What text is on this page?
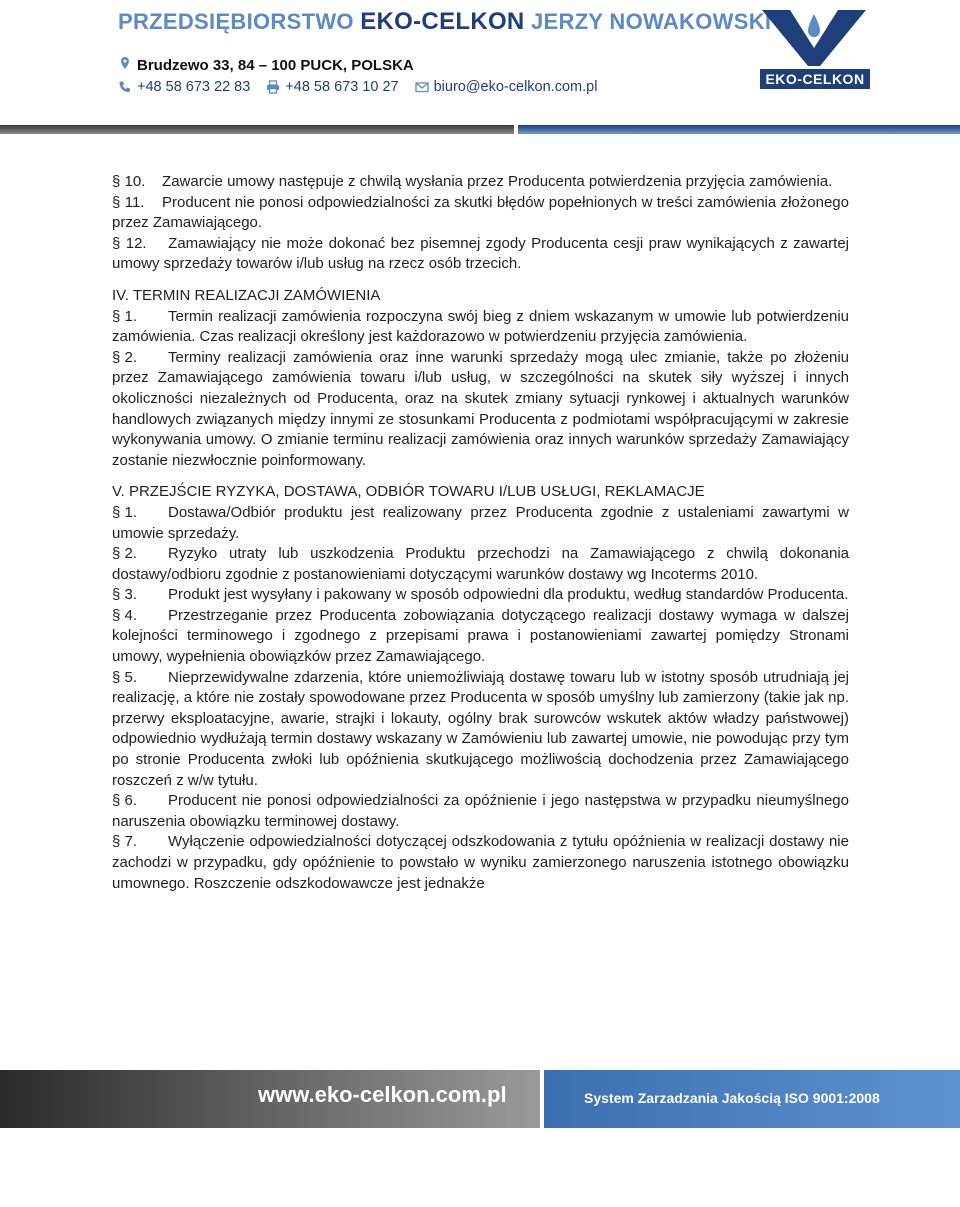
PRZEDSIĘBIORSTWO EKO-CELKON JERZY NOWAKOWSKI
Brudzewo 33, 84 – 100 PUCK, POLSKA
+48 58 673 22 83 +48 58 673 10 27 biuro@eko-celkon.com.pl	EKO-CELKON

§ 10. Zawarcie umowy następuje z chwilą wysłania przez Producenta potwierdzenia przyjęcia zamówienia.

§ 11. Producent nie ponosi odpowiedzialności za skutki błędów popełnionych w treści zamówienia złożonego przez Zamawiającego.

§ 12. Zamawiający nie może dokonać bez pisemnej zgody Producenta cesji praw wynikających z zawartej umowy sprzedaży towarów i/lub usług na rzecz osób trzecich.

IV. TERMIN REALIZACJI ZAMÓWIENIA

§ 1. Termin realizacji zamówienia rozpoczyna swój bieg z dniem wskazanym w umowie lub potwierdzeniu zamówienia. Czas realizacji określony jest każdorazowo w potwierdzeniu przyjęcia zamówienia.

§ 2. Terminy realizacji zamówienia oraz inne warunki sprzedaży mogą ulec zmianie, także po złożeniu przez Zamawiającego zamówienia towaru i/lub usług, w szczególności na skutek siły wyższej i innych okoliczności niezależnych od Producenta, oraz na skutek zmiany sytuacji rynkowej i aktualnych warunków handlowych związanych między innymi ze stosunkami Producenta z podmiotami współpracującymi w zakresie wykonywania umowy. O zmianie terminu realizacji zamówienia oraz innych warunków sprzedaży Zamawiający zostanie niezwłocznie poinformowany.

V. PRZEJŚCIE RYZYKA, DOSTAWA, ODBIÓR TOWARU I/LUB USŁUGI, REKLAMACJE

§ 1. Dostawa/Odbiór produktu jest realizowany przez Producenta zgodnie z ustaleniami zawartymi w umowie sprzedaży.

§ 2. Ryzyko utraty lub uszkodzenia Produktu przechodzi na Zamawiającego z chwilą dokonania dostawy/odbioru zgodnie z postanowieniami dotyczącymi warunków dostawy wg Incoterms 2010.

§ 3. Produkt jest wysyłany i pakowany w sposób odpowiedni dla produktu, według standardów Producenta.

§ 4. Przestrzeganie przez Producenta zobowiązania dotyczącego realizacji dostawy wymaga w dalszej kolejności terminowego i zgodnego z przepisami prawa i postanowieniami zawartej pomiędzy Stronami umowy, wypełnienia obowiązków przez Zamawiającego.

§ 5. Nieprzewidywalne zdarzenia, które uniemożliwiają dostawę towaru lub w istotny sposób utrudniają jej realizację, a które nie zostały spowodowane przez Producenta w sposób umyślny lub zamierzony (takie jak np. przerwy eksploatacyjne, awarie, strajki i lokauty, ogólny brak surowców wskutek aktów władzy państwowej) odpowiednio wydłużają termin dostawy wskazany w Zamówieniu lub zawartej umowie, nie powodując przy tym po stronie Producenta zwłoki lub opóźnienia skutkującego możliwością dochodzenia przez Zamawiającego roszczeń z w/w tytułu.

§ 6. Producent nie ponosi odpowiedzialności za opóźnienie i jego następstwa w przypadku nieumyślnego naruszenia obowiązku terminowej dostawy.

§ 7. Wyłączenie odpowiedzialności dotyczącej odszkodowania z tytułu opóźnienia w realizacji dostawy nie zachodzi w przypadku, gdy opóźnienie to powstało w wyniku zamierzonego naruszenia istotnego obowiązku umownego. Roszczenie odszkodowawcze jest jednakże

www.eko-celkon.com.pl	System Zarzadzania Jakością ISO 9001:2008
